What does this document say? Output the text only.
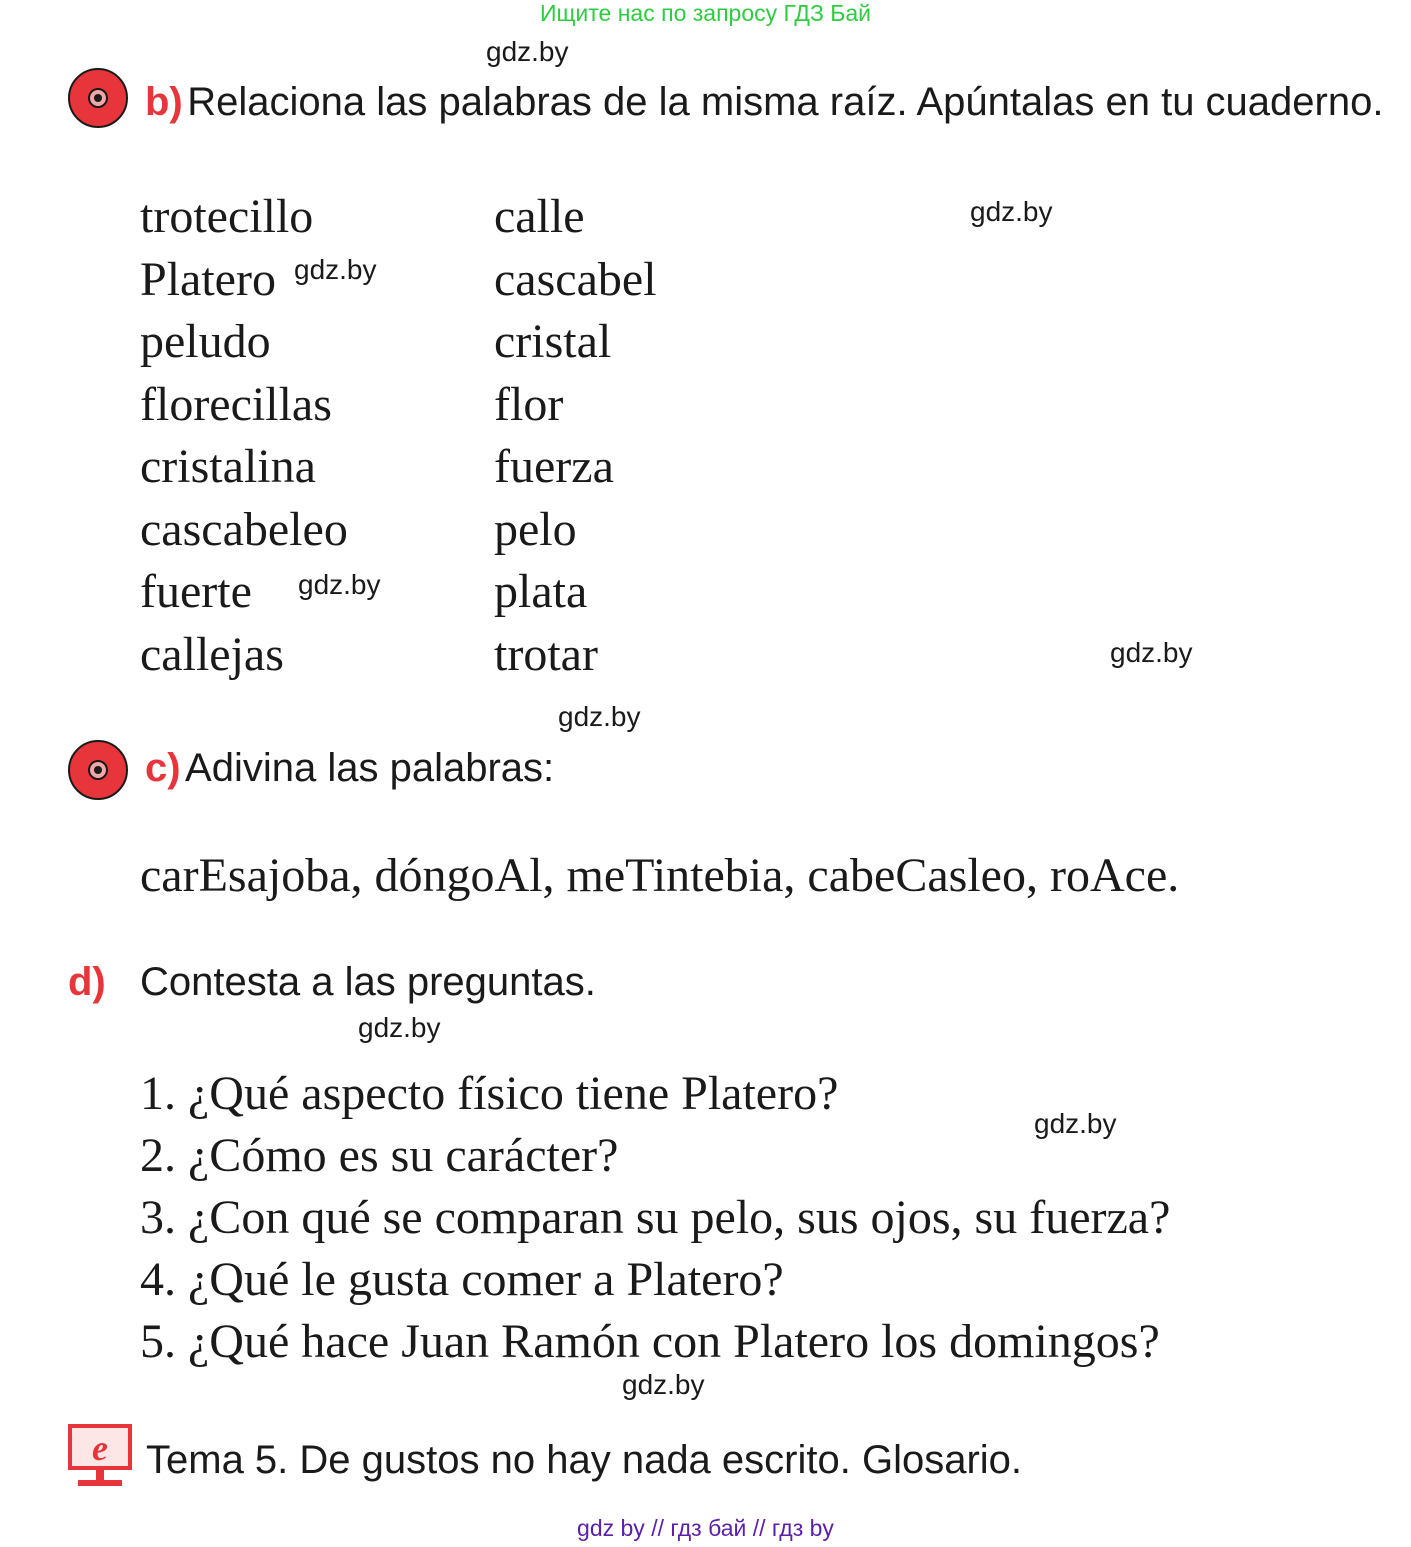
Ищите нас по запросу ГДЗ Бай
gdz.by
gdz.by
gdz.by
gdz.by
gdz.by
gdz.by
gdz.by
gdz.by
gdz.by
b) Relaciona las palabras de la misma raíz. Apúntalas en tu cuaderno.
trotecillo
Platero
peludo
florecillas
cristalina
cascabeleo
fuerte
callejas
calle
cascabel
cristal
flor
fuerza
pelo
plata
trotar
c) Adivina las palabras:
carEsajoba, dóngoAl, meTintebia, cabeCasleo, roAce.
d) Contesta a las preguntas.
1. ¿Qué aspecto físico tiene Platero?
2. ¿Cómo es su carácter?
3. ¿Con qué se comparan su pelo, sus ojos, su fuerza?
4. ¿Qué le gusta comer a Platero?
5. ¿Qué hace Juan Ramón con Platero los domingos?
e Tema 5. De gustos no hay nada escrito. Glosario.
gdz by // гдз бай // гдз by
